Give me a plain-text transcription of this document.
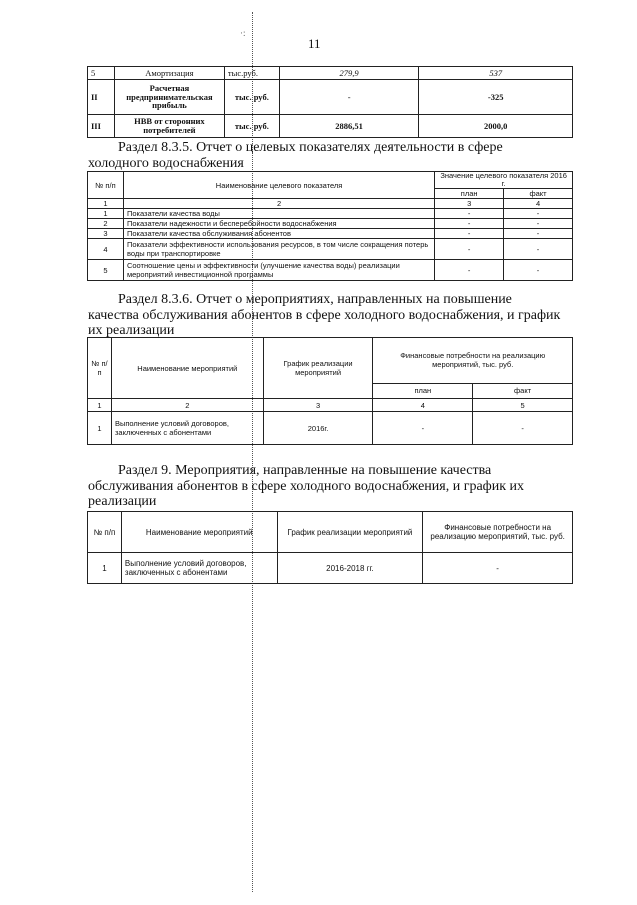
·:
11
5	Амортизация	тыс.руб.	279,9	537
II	Расчетная предпринимательская прибыль	тыс. руб.	-	-325
III	НВВ от сторонних потребителей	тыс. руб.	2886,51	2000,0
Раздел 8.3.5. Отчет о целевых показателях деятельности в сфере
холодного водоснабжения
№ п/п	Наименование целевого показателя	Значение целевого показателя 2016 г.	
		план	факт
1	2	3	4
1	Показатели качества воды	-	-
2	Показатели надежности и бесперебойности водоснабжения	-	-
3	Показатели качества обслуживания абонентов	-	-
4	Показатели эффективности использования ресурсов, в том числе сокращения потерь воды при транспортировке	-	-
5	Соотношение цены и эффективности (улучшение качества воды) реализации мероприятий инвестиционной программы	-	-
Раздел 8.3.6. Отчет о мероприятиях, направленных на повышение
качества обслуживания абонентов в сфере холодного водоснабжения, и график
их реализации
№ п/п	Наименование мероприятий	График реализации мероприятий	Финансовые потребности на реализацию мероприятий, тыс. руб.	
			план	факт
1	2	3	4	5
1	Выполнение условий договоров, заключенных с абонентами	2016г.	-	-
Раздел 9. Мероприятия, направленные на повышение качества
обслуживания абонентов в сфере холодного водоснабжения, и график их
реализации
№ п/п	Наименование мероприятий	График реализации мероприятий	Финансовые потребности на реализацию мероприятий, тыс. руб.
1	Выполнение условий договоров, заключенных с абонентами	2016-2018 гг.	-
